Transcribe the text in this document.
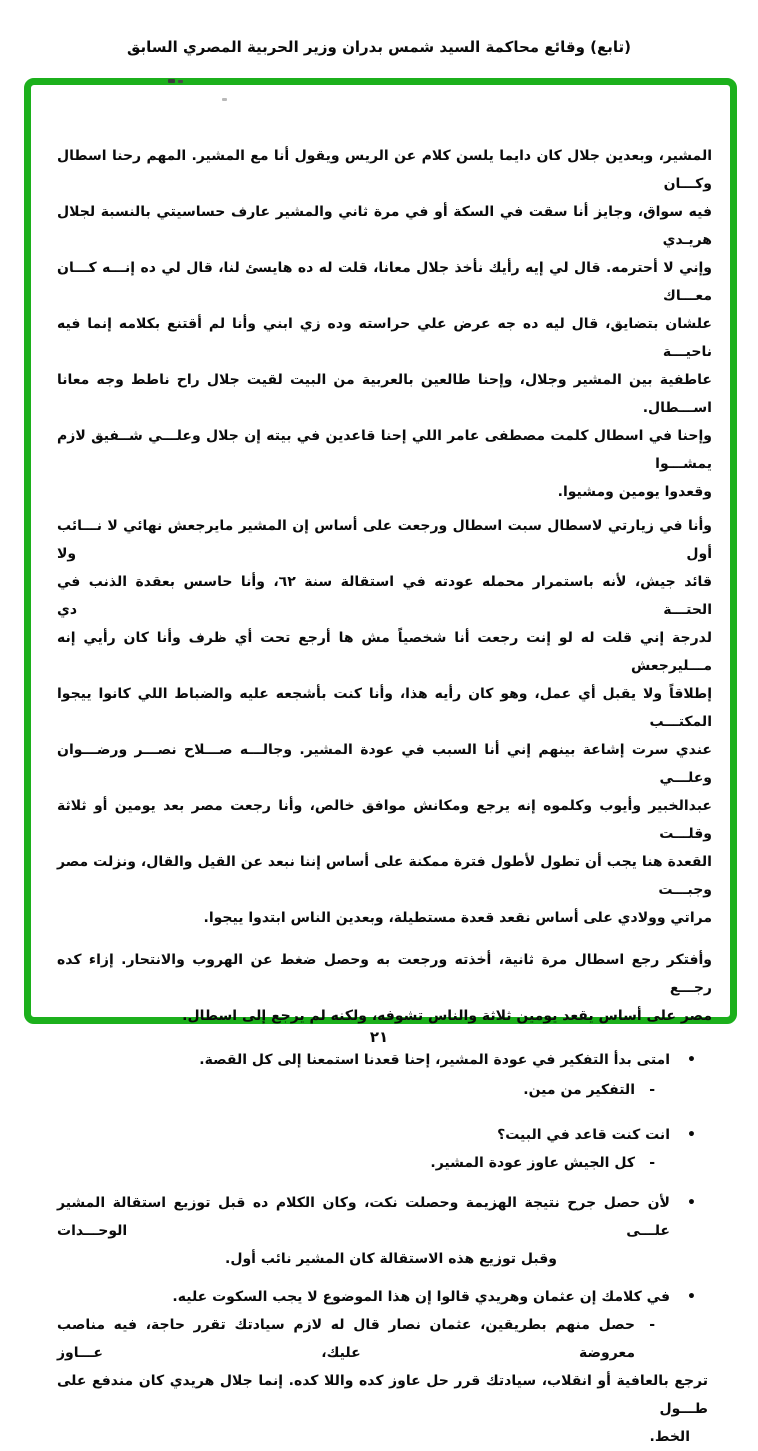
(تابع) وقائع محاكمة السيد شمس بدران وزير الحربية المصري السابق
المشير، وبعدين جلال كان دايما يلسن كلام عن الريس ويقول أنا مع المشير. المهم رحنا اسطال وكـــان
فيه سواق، وجايز أنا سقت في السكة أو في مرة ثاني والمشير عارف حساسيتي بالنسبة لجلال هريـدي
وإني لا أحترمه. قال لي إيه رأيك نأخذ جلال معانا، قلت له ده هايسئ لنا، قال لي ده إنـــه كـــان معـــاك
علشان بتضايق، قال ليه ده جه عرض علي حراسته وده زي ابني وأنا لم أقتنع بكلامه إنما فيه ناحيـــة
عاطفية بين المشير وجلال، وإحنا طالعين بالعربية من البيت لقيت جلال راح ناطط وجه معانا اســـطال.
وإحنا في اسطال كلمت مصطفى عامر اللي إحنا قاعدين في بيته إن جلال وعلـــي شــفيق لازم يمشـــوا
وقعدوا يومين ومشيوا.
وأنا في زيارتي لاسطال سبت اسطال ورجعت على أساس إن المشير مايرجعش نهائي لا نـــائب أول ولا
قائد جيش، لأنه باستمرار محمله عودته في استقالة سنة ٦٢، وأنا حاسس بعقدة الذنب في الحتـــة دي
لدرجة إني قلت له لو إنت رجعت أنا شخصياً مش ها أرجع تحت أي ظرف وأنا كان رأيي إنه مـــليرجعش
إطلاقاً ولا يقبل أي عمل، وهو كان رأيه هذا، وأنا كنت بأشجعه عليه والضباط اللي كانوا ييجوا المكتـــب
عندي سرت إشاعة بينهم إني أنا السبب في عودة المشير. وجالـــه صـــلاح نصـــر ورضـــوان وعلـــي
عبدالخبير وأيوب وكلموه إنه يرجع ومكانش موافق خالص، وأنا رجعت مصر بعد يومين أو ثلاثة وقلـــت
القعدة هنا يجب أن تطول لأطول فترة ممكنة على أساس إننا نبعد عن القيل والقال، ونزلت مصر وجبـــت
مراتي وولادي على أساس نقعد قعدة مستطيلة، وبعدين الناس ابتدوا ييجوا.
وأفتكر رجع اسطال مرة ثانية، أخذته ورجعت به وحصل ضغط عن الهروب والانتحار. إزاء كده رجـــع
مصر على أساس يقعد يومين ثلاثة والناس تشوفه، ولكنه لم يرجع إلى اسطال.
امتى بدأ التفكير في عودة المشير، إحنا قعدنا استمعنا إلى كل القصة. •
التفكير من مين. -
انت كنت قاعد في البيت؟ •
كل الجيش عاوز عودة المشير. -
لأن حصل جرح نتيجة الهزيمة وحصلت نكت، وكان الكلام ده قبل توزيع استقالة المشير علـــى الوحـــدات
•
وقبل توزيع هذه الاستقالة كان المشير نائب أول.
في كلامك إن عثمان وهريدي قالوا إن هذا الموضوع لا يجب السكوت عليه. •
حصل منهم بطريقين، عثمان نصار قال له لازم سيادتك تقرر حاجة، فيه مناصب معروضة عليك، عـــاوز
-
ترجع بالعافية أو انقلاب، سيادتك قرر حل عاوز كده واللا كده. إنما جلال هريدي كان مندفع على طـــول
الخط.
٢١
